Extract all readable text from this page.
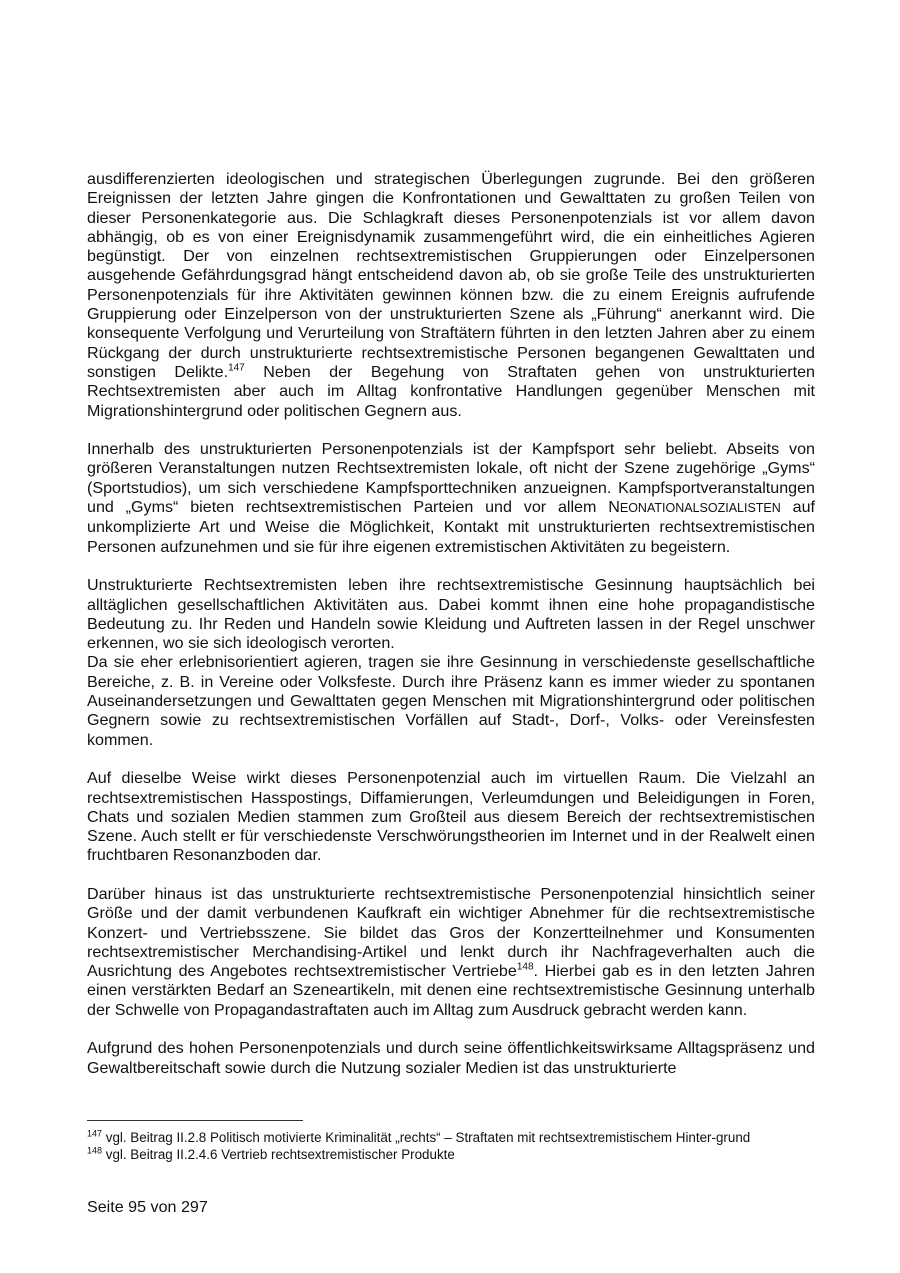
ausdifferenzierten ideologischen und strategischen Überlegungen zugrunde. Bei den größeren Ereignissen der letzten Jahre gingen die Konfrontationen und Gewalttaten zu großen Teilen von dieser Personenkategorie aus. Die Schlagkraft dieses Personenpotenzials ist vor allem davon abhängig, ob es von einer Ereignisdynamik zusammengeführt wird, die ein einheitliches Agieren begünstigt. Der von einzelnen rechtsextremistischen Gruppierungen oder Einzelpersonen ausgehende Gefährdungsgrad hängt entscheidend davon ab, ob sie große Teile des unstrukturierten Personenpotenzials für ihre Aktivitäten gewinnen können bzw. die zu einem Ereignis aufrufende Gruppierung oder Einzelperson von der unstrukturierten Szene als „Führung“ anerkannt wird. Die konsequente Verfolgung und Verurteilung von Straftätern führten in den letzten Jahren aber zu einem Rückgang der durch unstrukturierte rechtsextremistische Personen begangenen Gewalttaten und sonstigen Delikte.$^{147}$ Neben der Begehung von Straftaten gehen von unstrukturierten Rechtsextremisten aber auch im Alltag konfrontative Handlungen gegenüber Menschen mit Migrationshintergrund oder politischen Gegnern aus.

Innerhalb des unstrukturierten Personenpotenzials ist der Kampfsport sehr beliebt. Abseits von größeren Veranstaltungen nutzen Rechtsextremisten lokale, oft nicht der Szene zugehörige „Gyms“ (Sportstudios), um sich verschiedene Kampfsporttechniken anzueignen. Kampfsportveranstaltungen und „Gyms“ bieten rechtsextremistischen Parteien und vor allem NEONATIONALSOZIALISTEN auf unkomplizierte Art und Weise die Möglichkeit, Kontakt mit unstrukturierten rechtsextremistischen Personen aufzunehmen und sie für ihre eigenen extremistischen Aktivitäten zu begeistern.

Unstrukturierte Rechtsextremisten leben ihre rechtsextremistische Gesinnung hauptsächlich bei alltäglichen gesellschaftlichen Aktivitäten aus. Dabei kommt ihnen eine hohe propagandistische Bedeutung zu. Ihr Reden und Handeln sowie Kleidung und Auftreten lassen in der Regel unschwer erkennen, wo sie sich ideologisch verorten.

Da sie eher erlebnisorientiert agieren, tragen sie ihre Gesinnung in verschiedenste gesellschaftliche Bereiche, z. B. in Vereine oder Volksfeste. Durch ihre Präsenz kann es immer wieder zu spontanen Auseinandersetzungen und Gewalttaten gegen Menschen mit Migrationshintergrund oder politischen Gegnern sowie zu rechtsextremistischen Vorfällen auf Stadt-, Dorf-, Volks- oder Vereinsfesten kommen.

Auf dieselbe Weise wirkt dieses Personenpotenzial auch im virtuellen Raum. Die Vielzahl an rechtsextremistischen Hasspostings, Diffamierungen, Verleumdungen und Beleidigungen in Foren, Chats und sozialen Medien stammen zum Großteil aus diesem Bereich der rechtsextremistischen Szene. Auch stellt er für verschiedenste Verschwörungstheorien im Internet und in der Realwelt einen fruchtbaren Resonanzboden dar.

Darüber hinaus ist das unstrukturierte rechtsextremistische Personenpotenzial hinsichtlich seiner Größe und der damit verbundenen Kaufkraft ein wichtiger Abnehmer für die rechtsextremistische Konzert- und Vertriebsszene. Sie bildet das Gros der Konzertteilnehmer und Konsumenten rechtsextremistischer Merchandising-Artikel und lenkt durch ihr Nachfrageverhalten auch die Ausrichtung des Angebotes rechtsextremistischer Vertriebe$^{148}$. Hierbei gab es in den letzten Jahren einen verstärkten Bedarf an Szeneartikeln, mit denen eine rechtsextremistische Gesinnung unterhalb der Schwelle von Propagandastraftaten auch im Alltag zum Ausdruck gebracht werden kann.

Aufgrund des hohen Personenpotenzials und durch seine öffentlichkeitswirksame Alltagspräsenz und Gewaltbereitschaft sowie durch die Nutzung sozialer Medien ist das unstrukturierte

$^{147}$ vgl. Beitrag II.2.8 Politisch motivierte Kriminalität „rechts“ – Straftaten mit rechtsextremistischem Hinter-grund
$^{148}$ vgl. Beitrag II.2.4.6 Vertrieb rechtsextremistischer Produkte
Seite 95 von 297
